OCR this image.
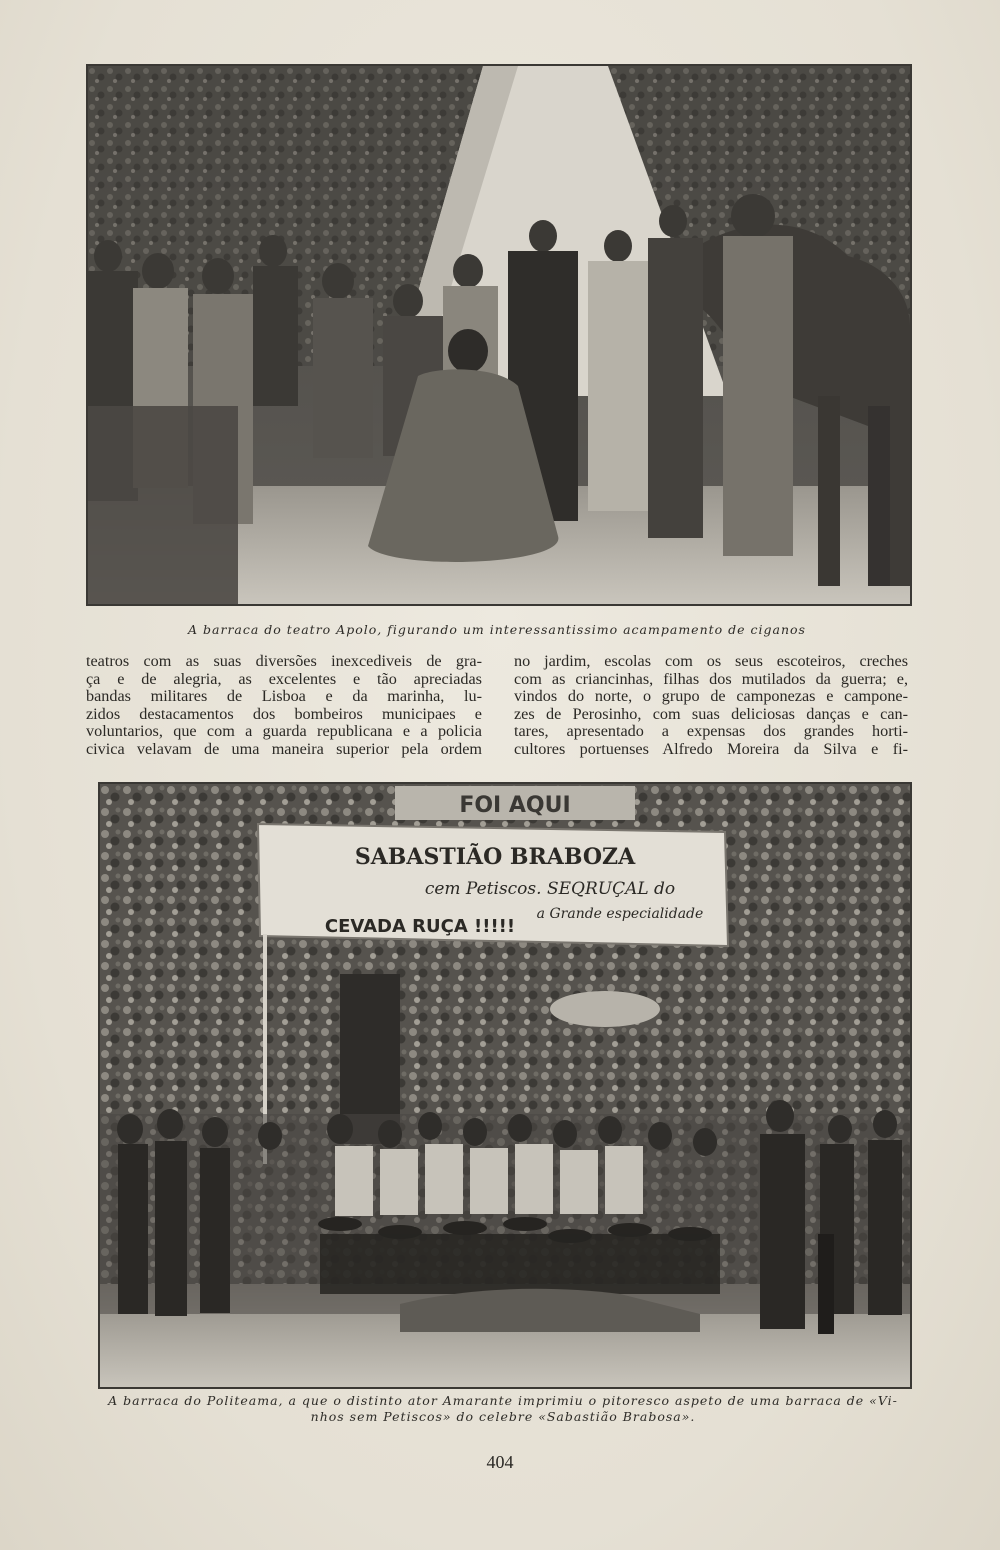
A barraca do teatro Apolo, figurando um interessantissimo acampamento de ciganos
teatros com as suas diversões inexcediveis de gra-
ça e de alegria, as excelentes e tão apreciadas
bandas militares de Lisboa e da marinha, lu-
zidos destacamentos dos bombeiros municipaes e
voluntarios, que com a guarda republicana e a policia
civica velavam de uma maneira superior pela ordem
no jardim, escolas com os seus escoteiros, creches
com as criancinhas, filhas dos mutilados da guerra; e,
vindos do norte, o grupo de camponezas e campone-
zes de Perosinho, com suas deliciosas danças e can-
tares, apresentado a expensas dos grandes horti-
cultores portuenses Alfredo Moreira da Silva e fi-
FOI AQUI
SABASTIÃO BRABOZA
cem Petiscos. SEQRUÇAL do
a Grande especialidade
CEVADA RUÇA !!!!!
A barraca do Politeama, a que o distinto ator Amarante imprimiu o pitoresco aspeto de uma barraca de «Vi-
nhos sem Petiscos» do celebre «Sabastião Brabosa».
404
